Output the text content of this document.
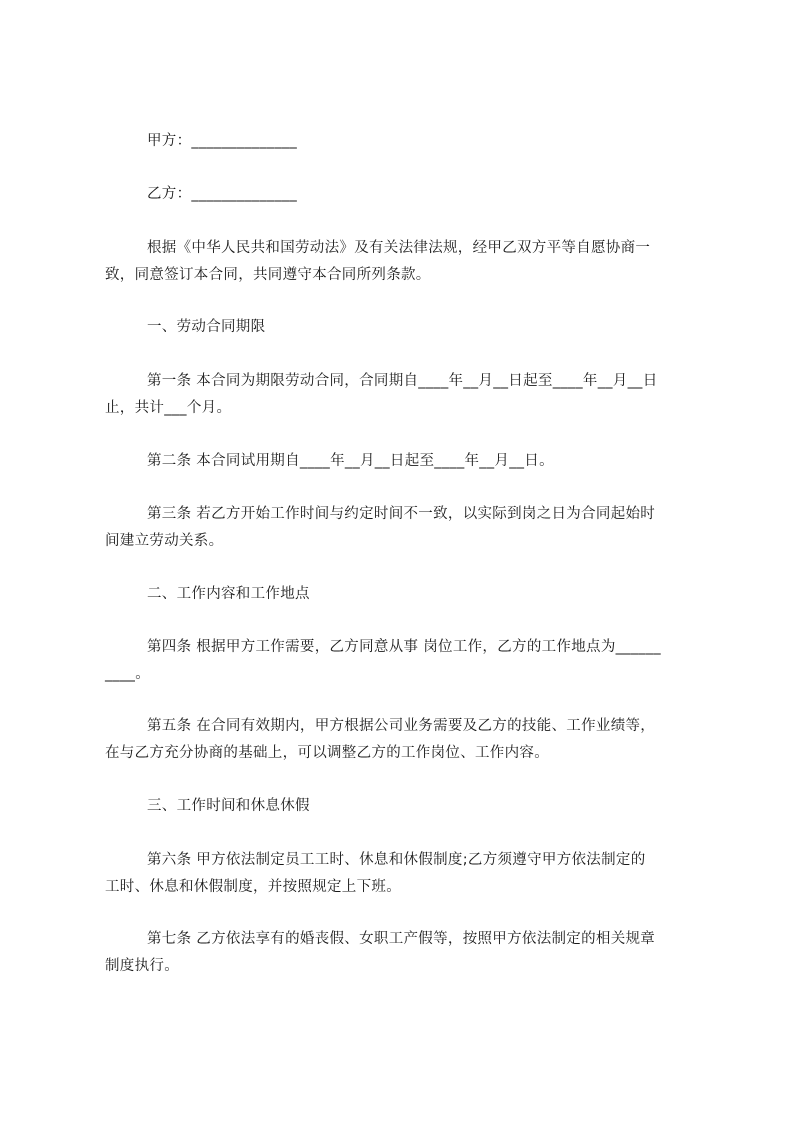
甲方：______________

乙方：______________

根据《中华人民共和国劳动法》及有关法律法规，经甲乙双方平等自愿协商一
致，同意签订本合同，共同遵守本合同所列条款。

一、劳动合同期限

第一条 本合同为期限劳动合同，合同期自____年__月__日起至____年__月__日
止，共计___个月。

第二条 本合同试用期自____年__月__日起至____年__月__日。

第三条 若乙方开始工作时间与约定时间不一致，以实际到岗之日为合同起始时
间建立劳动关系。

二、工作内容和工作地点

第四条 根据甲方工作需要，乙方同意从事 岗位工作，乙方的工作地点为______
____。

第五条 在合同有效期内，甲方根据公司业务需要及乙方的技能、工作业绩等，
在与乙方充分协商的基础上，可以调整乙方的工作岗位、工作内容。

三、工作时间和休息休假

第六条 甲方依法制定员工工时、休息和休假制度;乙方须遵守甲方依法制定的
工时、休息和休假制度，并按照规定上下班。

第七条 乙方依法享有的婚丧假、女职工产假等，按照甲方依法制定的相关规章
制度执行。
